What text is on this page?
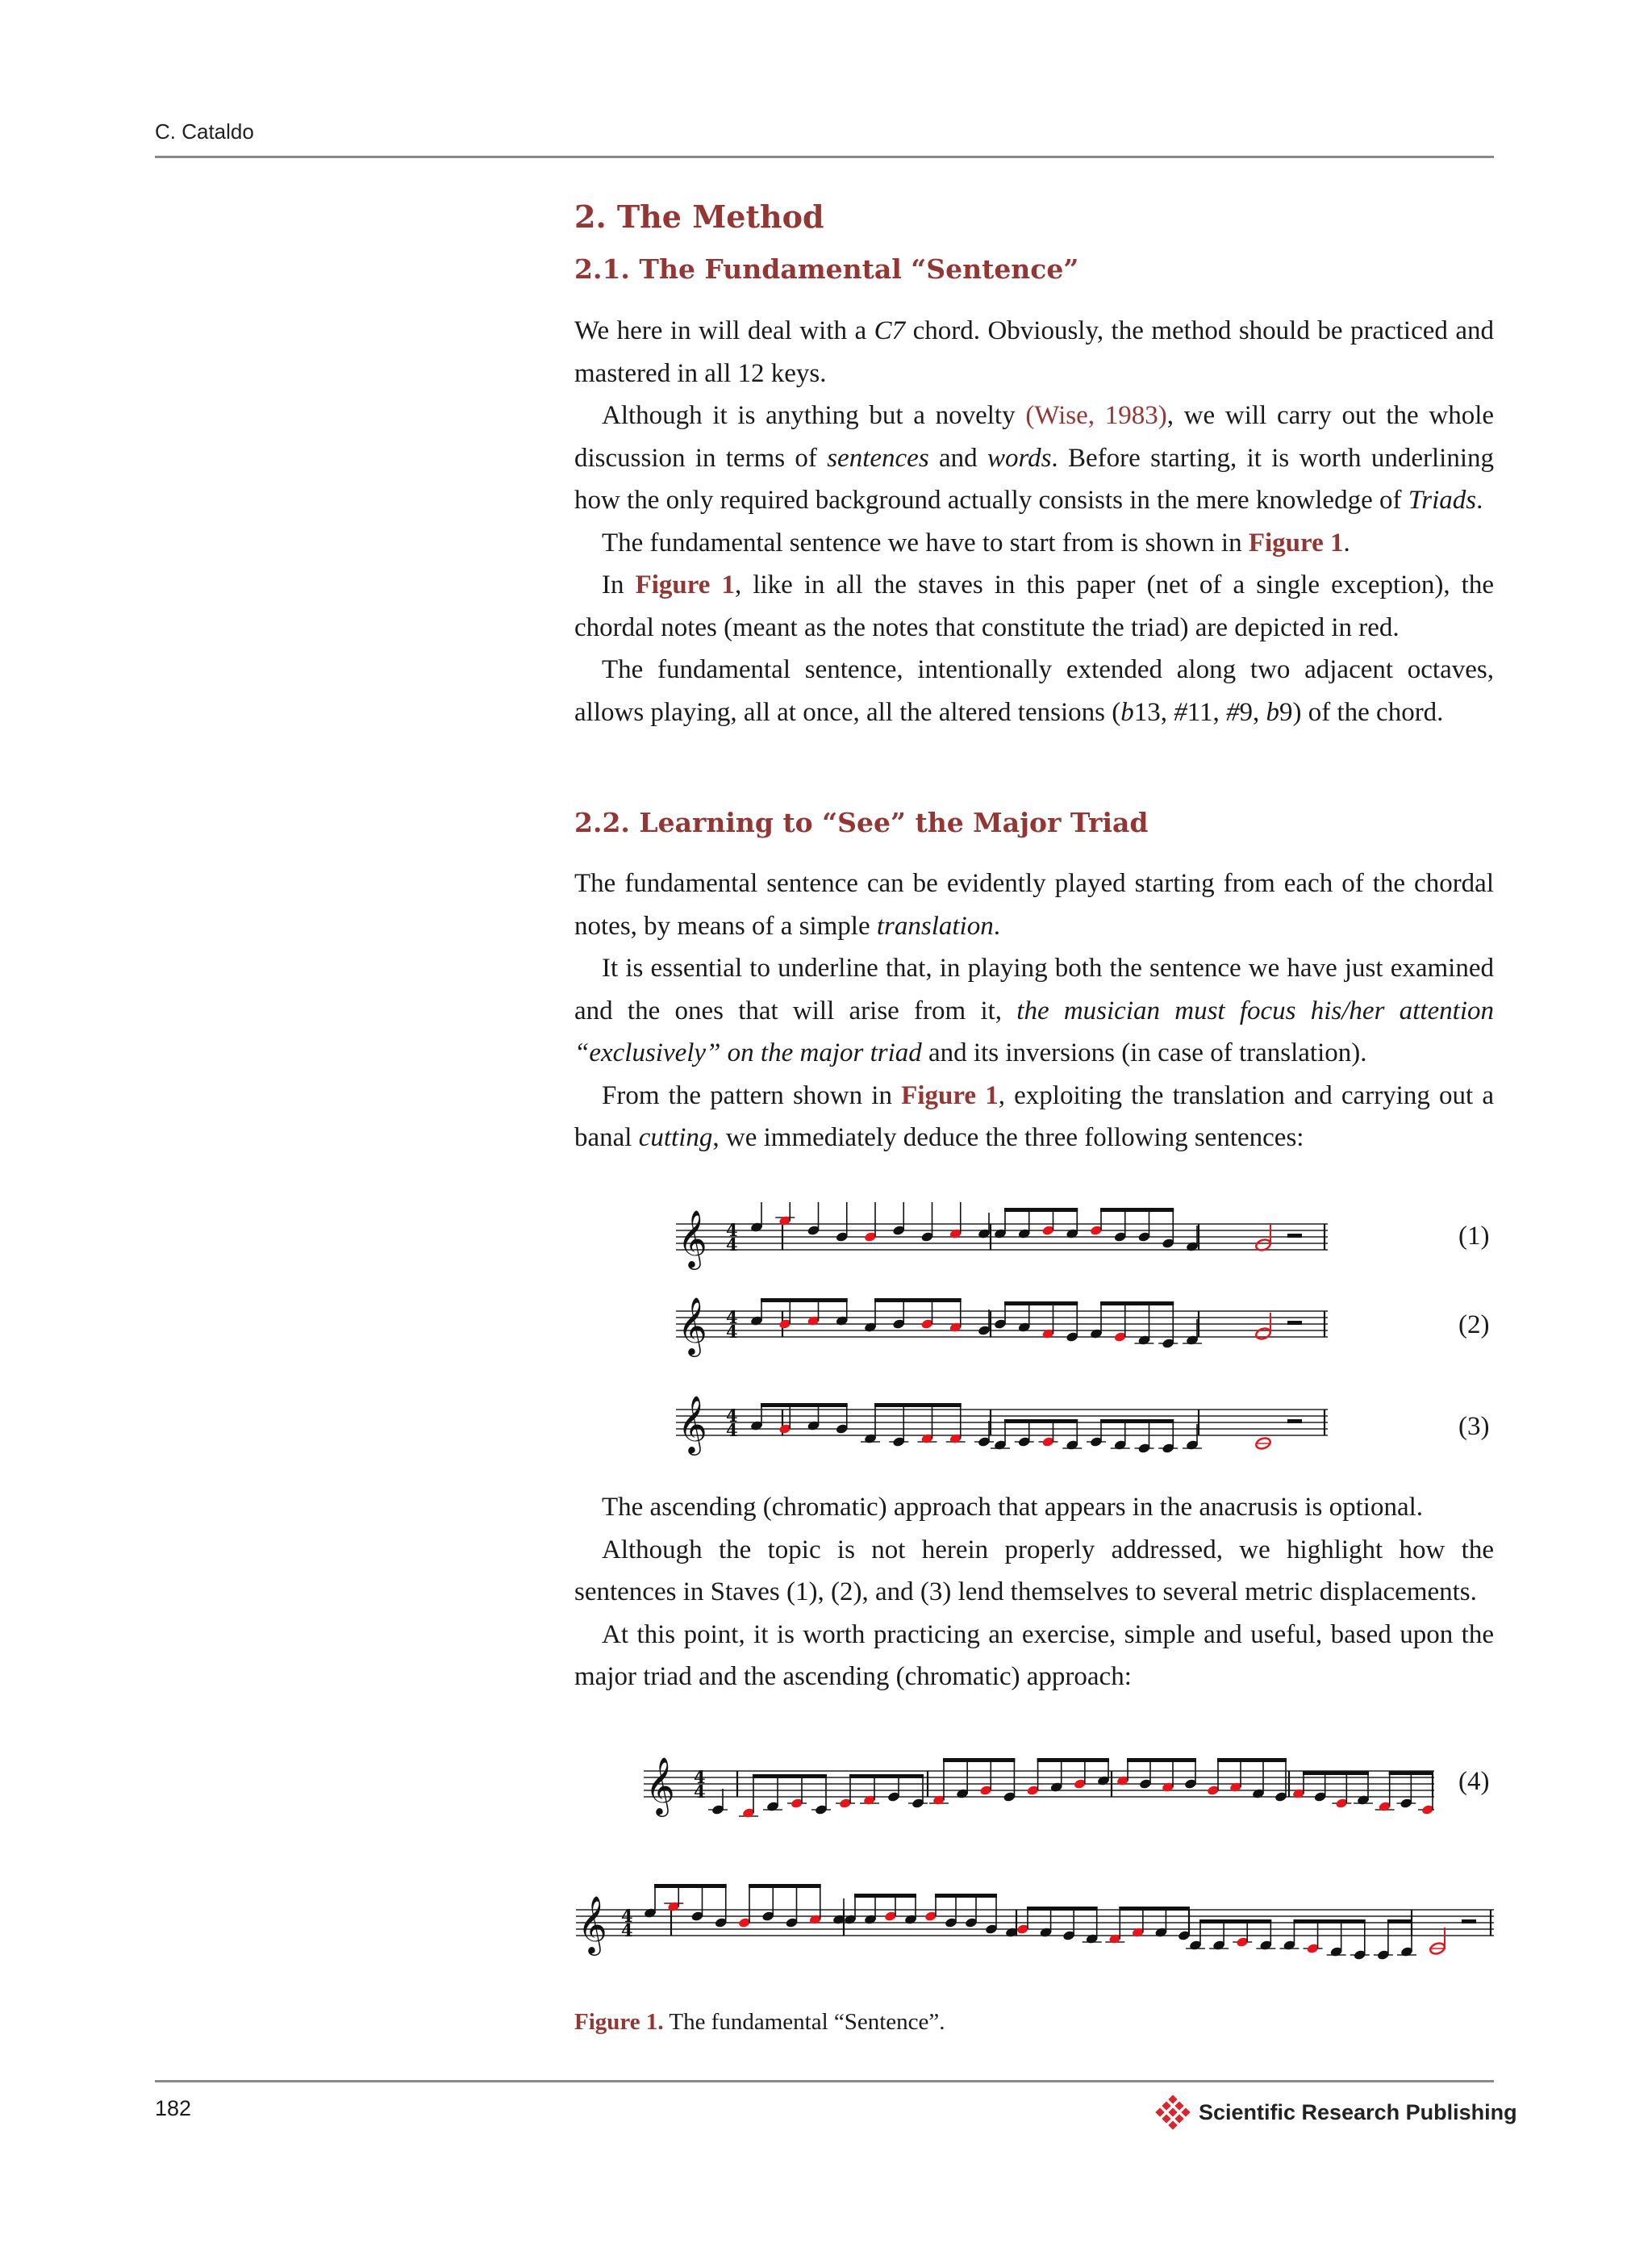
C. Cataldo
2. The Method
2.1. The Fundamental “Sentence”

We here in will deal with a C7 chord. Obviously, the method should be practiced and mastered in all 12 keys.

Although it is anything but a novelty (Wise, 1983), we will carry out the whole discussion in terms of sentences and words. Before starting, it is worth underlining how the only required background actually consists in the mere knowledge of Triads.

The fundamental sentence we have to start from is shown in Figure 1.

In Figure 1, like in all the staves in this paper (net of a single exception), the chordal notes (meant as the notes that constitute the triad) are depicted in red.

The fundamental sentence, intentionally extended along two adjacent octaves, allows playing, all at once, all the altered tensions (b13, #11, #9, b9) of the chord.

2.2. Learning to “See” the Major Triad

The fundamental sentence can be evidently played starting from each of the chordal notes, by means of a simple translation.

It is essential to underline that, in playing both the sentence we have just examined and the ones that will arise from it, the musician must focus his/her attention “exclusively” on the major triad and its inversions (in case of translation).

From the pattern shown in Figure 1, exploiting the translation and carrying out a banal cutting, we immediately deduce the three following sentences:

𝄞 4
4	(1)
𝄞 4
4	(2)
𝄞 4
4	(3)

The ascending (chromatic) approach that appears in the anacrusis is optional.

Although the topic is not herein properly addressed, we highlight how the sentences in Staves (1), (2), and (3) lend themselves to several metric displacements.

At this point, it is worth practicing an exercise, simple and useful, based upon the major triad and the ascending (chromatic) approach:

𝄞 4
4	(4)
𝄞 4
4
Figure 1. The fundamental “Sentence”.
182	Scientific Research Publishing
